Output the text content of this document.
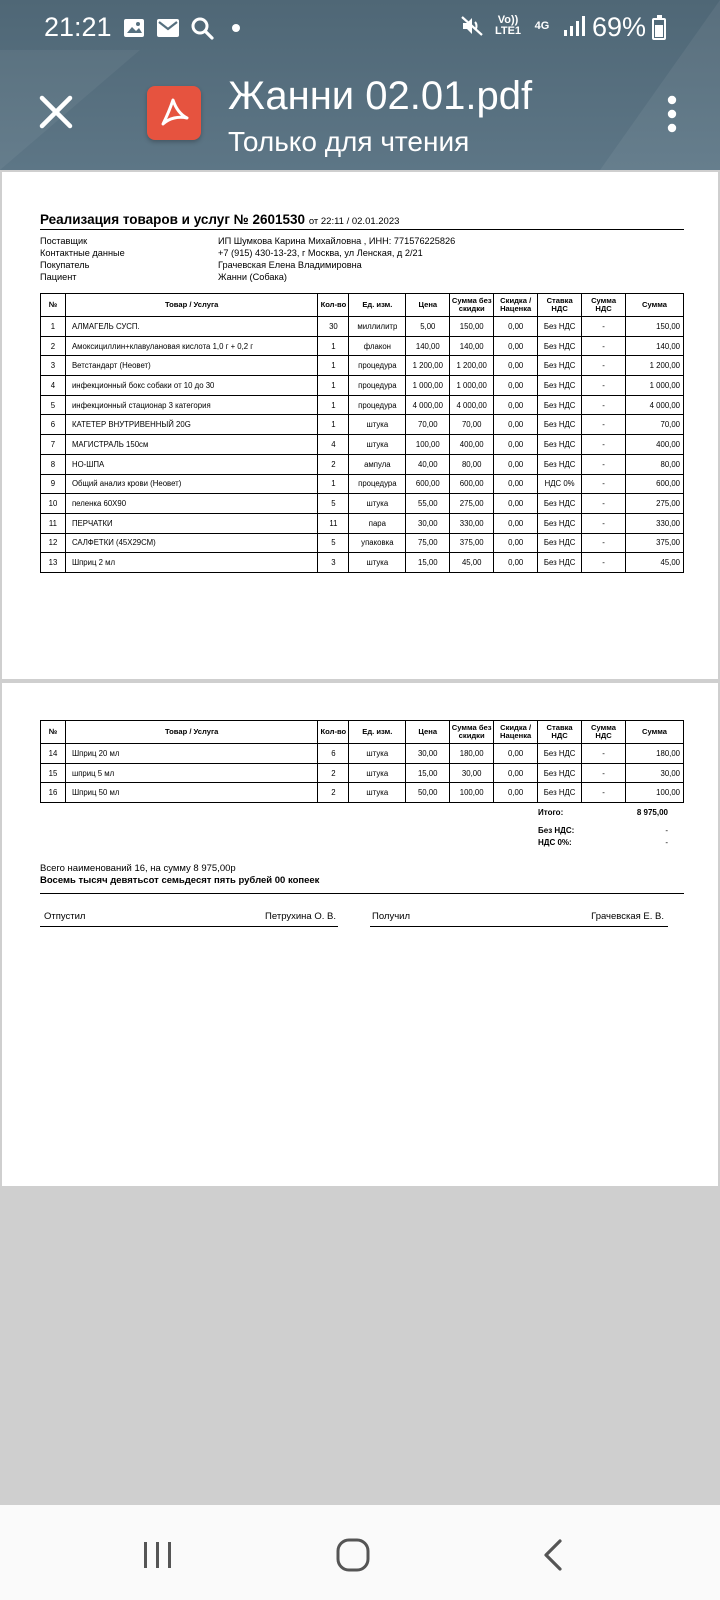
21:21	Vo)) LTE1 4G 69%
Жанни 02.01.pdf
Только для чтения
Реализация товаров и услуг № 2601530 от 22:11 / 02.01.2023
Поставщик	ИП Шумкова Карина Михайловна , ИНН: 771576225826
Контактные данные	+7 (915) 430-13-23, г Москва, ул Ленская, д 2/21
Покупатель	Грачевская Елена Владимировна
Пациент	Жанни (Собака)
№	Товар / Услуга	Кол-во	Ед. изм.	Цена	Сумма без скидки	Скидка / Наценка	Ставка НДС	Сумма НДС	Сумма
1	АЛМАГЕЛЬ СУСП.	30	миллилитр	5,00	150,00	0,00	Без НДС	-	150,00
2	Амоксициллин+клавулановая кислота 1,0 г + 0,2 г	1	флакон	140,00	140,00	0,00	Без НДС	-	140,00
3	Ветстандарт (Неовет)	1	процедура	1 200,00	1 200,00	0,00	Без НДС	-	1 200,00
4	инфекционный бокс собаки от 10 до 30	1	процедура	1 000,00	1 000,00	0,00	Без НДС	-	1 000,00
5	инфекционный стационар 3 категория	1	процедура	4 000,00	4 000,00	0,00	Без НДС	-	4 000,00
6	КАТЕТЕР ВНУТРИВЕННЫЙ 20G	1	штука	70,00	70,00	0,00	Без НДС	-	70,00
7	МАГИСТРАЛЬ 150см	4	штука	100,00	400,00	0,00	Без НДС	-	400,00
8	НО-ШПА	2	ампула	40,00	80,00	0,00	Без НДС	-	80,00
9	Общий анализ крови (Неовет)	1	процедура	600,00	600,00	0,00	НДС 0%	-	600,00
10	пеленка 60Х90	5	штука	55,00	275,00	0,00	Без НДС	-	275,00
11	ПЕРЧАТКИ	11	пара	30,00	330,00	0,00	Без НДС	-	330,00
12	САЛФЕТКИ (45Х29СМ)	5	упаковка	75,00	375,00	0,00	Без НДС	-	375,00
13	Шприц 2 мл	3	штука	15,00	45,00	0,00	Без НДС	-	45,00
№	Товар / Услуга	Кол-во	Ед. изм.	Цена	Сумма без скидки	Скидка / Наценка	Ставка НДС	Сумма НДС	Сумма
14	Шприц 20 мл	6	штука	30,00	180,00	0,00	Без НДС	-	180,00
15	шприц 5 мл	2	штука	15,00	30,00	0,00	Без НДС	-	30,00
16	Шприц 50 мл	2	штука	50,00	100,00	0,00	Без НДС	-	100,00
Итого:	8 975,00
Без НДС:	-
НДС 0%:	-
Всего наименований 16, на сумму 8 975,00р
Восемь тысяч девятьсот семьдесят пять рублей 00 копеек
Отпустил	Петрухина О. В.	Получил	Грачевская Е. В.
